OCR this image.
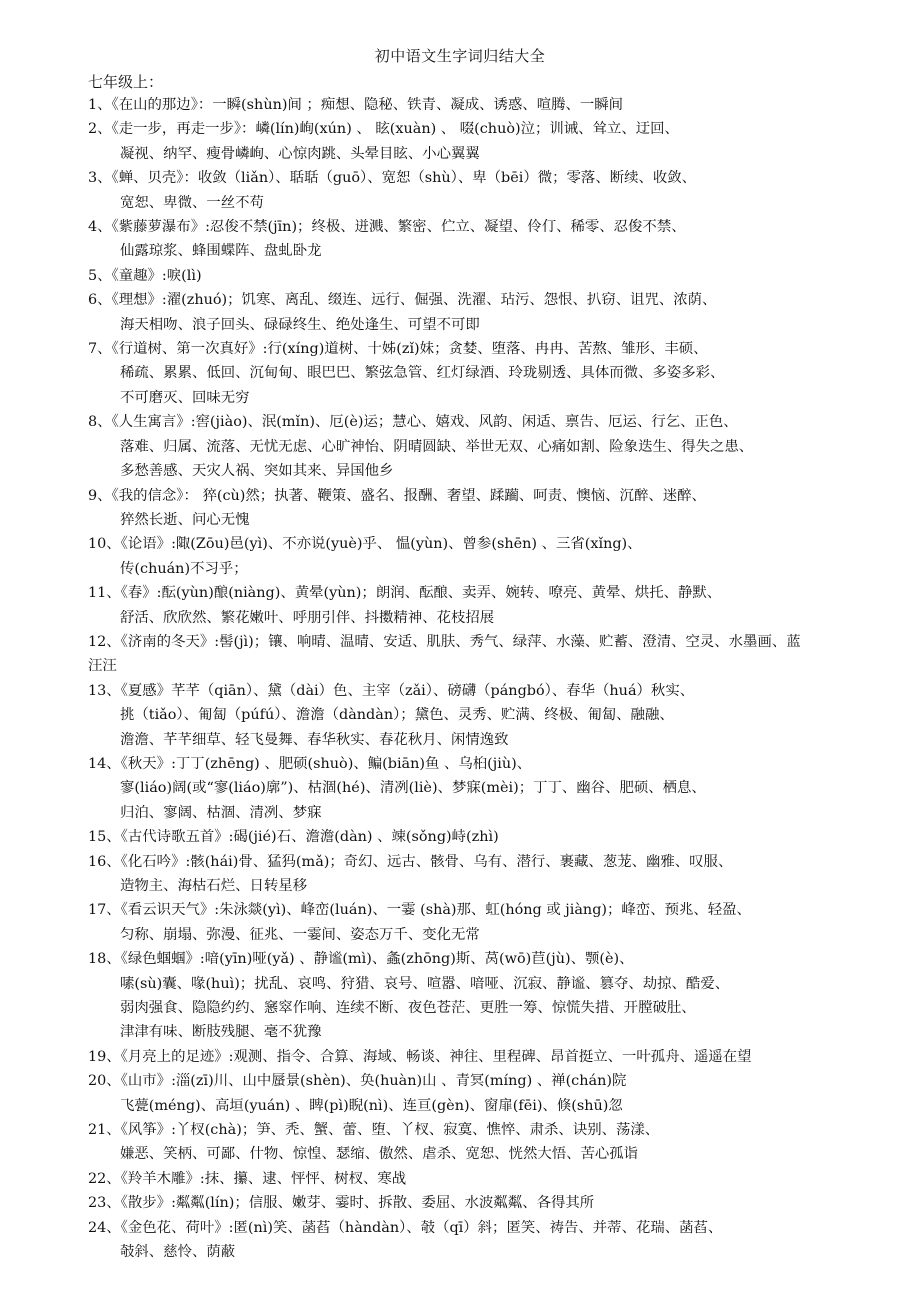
初中语文生字词归结大全
七年级上：
1、《在山的那边》：一瞬(shùn)间 ；痴想、隐秘、铁青、凝成、诱惑、喧腾、一瞬间
2、《走一步，再走一步》：嶙(lín)峋(xún) 、 眩(xuàn) 、 啜(chuò)泣；训诫、耸立、迂回、
凝视、纳罕、瘦骨嶙峋、心惊肉跳、头晕目眩、小心翼翼
3、《蝉、贝壳》：收敛（liǎn）、聒聒（guō）、宽恕（shù）、卑（bēi）微；零落、断续、收敛、
宽恕、卑微、一丝不苟
4、《紫藤萝瀑布》:忍俊不禁(jīn)；终极、迸溅、繁密、伫立、凝望、伶仃、稀零、忍俊不禁、
仙露琼浆、蜂围蝶阵、盘虬卧龙
5、《童趣》:唳(lì)
6、《理想》:濯(zhuó)；饥寒、离乱、缀连、远行、倔强、洗濯、玷污、怨恨、扒窃、诅咒、浓荫、
海天相吻、浪子回头、碌碌终生、绝处逢生、可望不可即
7、《行道树、第一次真好》:行(xíng)道树、十姊(zǐ)妹；贪婪、堕落、冉冉、苦熬、雏形、丰硕、
稀疏、累累、低回、沉甸甸、眼巴巴、繁弦急管、红灯绿酒、玲珑剔透、具体而微、多姿多彩、
不可磨灭、回味无穷
8、《人生寓言》:窖(jiào)、泯(mǐn)、厄(è)运；慧心、嬉戏、风韵、闲适、禀告、厄运、行乞、正色、
落难、归属、流落、无忧无虑、心旷神怡、阴晴圆缺、举世无双、心痛如割、险象迭生、得失之患、
多愁善感、天灾人祸、突如其来、异国他乡
9、《我的信念》： 猝(cù)然；执著、鞭策、盛名、报酬、奢望、蹂躏、呵责、懊恼、沉醉、迷醉、
猝然长逝、问心无愧
10、《论语》:陬(Zōu)邑(yì)、不亦说(yuè)乎、 愠(yùn)、曾参(shēn) 、三省(xǐng)、
传(chuán)不习乎；
11、《春》:酝(yùn)酿(niàng)、黄晕(yùn)；朗润、酝酿、卖弄、婉转、嘹亮、黄晕、烘托、静默、
舒活、欣欣然、繁花嫩叶、呼朋引伴、抖擞精神、花枝招展
12、《济南的冬天》:髻(jì)；镶、响晴、温晴、安适、肌肤、秀气、绿萍、水藻、贮蓄、澄清、空灵、水墨画、蓝
汪汪
13、《夏感》芊芊（qiān）、黛（dài）色、主宰（zǎi）、磅礴（pángbó）、春华（huá）秋实、
挑（tiǎo）、匍匐（púfú）、澹澹（dàndàn）；黛色、灵秀、贮满、终极、匍匐、融融、
澹澹、芊芊细草、轻飞曼舞、春华秋实、春花秋月、闲情逸致
14、《秋天》:丁丁(zhēng) 、肥硕(shuò)、鳊(biān)鱼 、乌桕(jiù)、
寥(liáo)阔(或“寥(liáo)廓”)、枯涸(hé)、清冽(liè)、梦寐(mèi)；丁丁、幽谷、肥硕、栖息、
归泊、寥阔、枯涸、清冽、梦寐
15、《古代诗歌五首》:碣(jié)石、澹澹(dàn) 、竦(sǒng)峙(zhì)
16、《化石吟》:骸(hái)骨、猛犸(mǎ)；奇幻、远古、骸骨、乌有、潜行、裹藏、葱茏、幽雅、叹服、
造物主、海枯石烂、日转星移
17、《看云识天气》:朱泳燚(yì)、峰峦(luán)、一霎 (shà)那、虹(hóng 或 jiàng)；峰峦、预兆、轻盈、
匀称、崩塌、弥漫、征兆、一霎间、姿态万千、变化无常
18、《绿色蝈蝈》:喑(yīn)哑(yǎ) 、静谧(mì)、螽(zhōng)斯、莴(wō)苣(jù)、颚(è)、
嗉(sù)囊、喙(huì)；扰乱、哀鸣、狩猎、哀号、喧嚣、喑哑、沉寂、静谧、篡夺、劫掠、酷爱、
弱肉强食、隐隐约约、窸窣作响、连续不断、夜色苍茫、更胜一筹、惊慌失措、开膛破肚、
津津有味、断肢残腿、毫不犹豫
19、《月亮上的足迹》:观测、指令、合算、海域、畅谈、神往、里程碑、昂首挺立、一叶孤舟、遥遥在望
20、《山市》:淄(zī)川、山中蜃景(shèn)、奂(huàn)山 、青冥(míng) 、禅(chán)院
飞甍(méng)、高垣(yuán) 、睥(pì)睨(nì)、连亘(gèn)、窗扉(fēi)、倏(shū)忽
21、《风筝》:丫杈(chà)；笋、秃、蟹、蕾、堕、丫杈、寂寞、憔悴、肃杀、诀别、荡漾、
嫌恶、笑柄、可鄙、什物、惊惶、瑟缩、傲然、虐杀、宽恕、恍然大悟、苦心孤诣
22、《羚羊木雕》:抹、攥、逮、怦怦、树杈、寒战
23、《散步》:粼粼(lín)；信服、嫩芽、霎时、拆散、委屈、水波粼粼、各得其所
24、《金色花、荷叶》:匿(nì)笑、菡萏（hàndàn）、攲（qī）斜；匿笑、祷告、并蒂、花瑞、菡萏、
攲斜、慈怜、荫蔽
